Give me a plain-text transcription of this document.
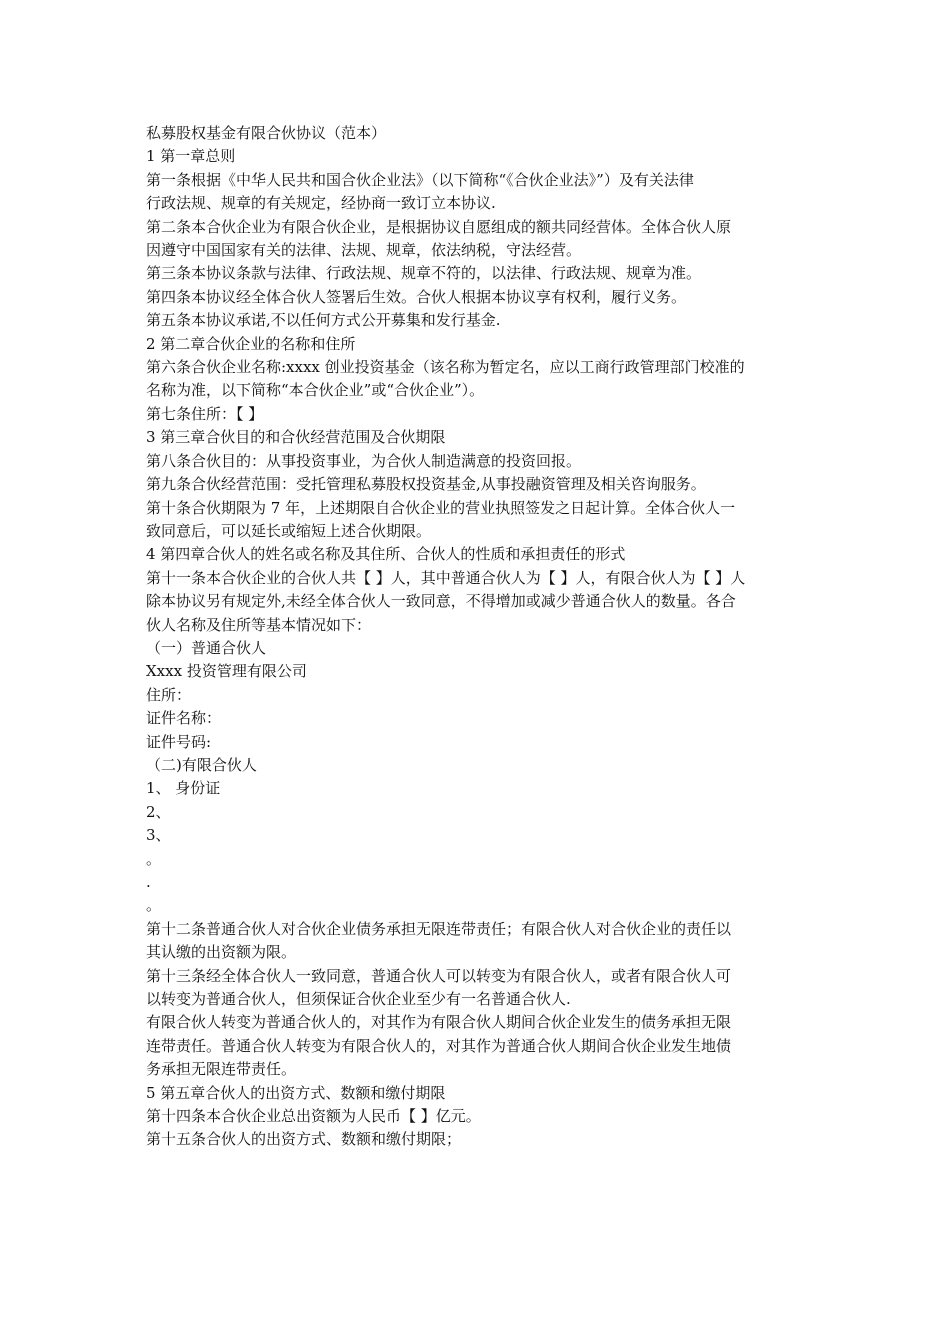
私募股权基金有限合伙协议（范本）
1 第一章总则
第一条根据《中华人民共和国合伙企业法》（以下简称“《合伙企业法》”）及有关法律
行政法规、规章的有关规定，经协商一致订立本协议.
第二条本合伙企业为有限合伙企业，是根据协议自愿组成的额共同经营体。全体合伙人原
因遵守中国国家有关的法律、法规、规章，依法纳税，守法经营。
第三条本协议条款与法律、行政法规、规章不符的，以法律、行政法规、规章为准。
第四条本协议经全体合伙人签署后生效。合伙人根据本协议享有权利，履行义务。
第五条本协议承诺,不以任何方式公开募集和发行基金.
2 第二章合伙企业的名称和住所
第六条合伙企业名称:xxxx 创业投资基金（该名称为暂定名，应以工商行政管理部门校准的
名称为准，以下简称“本合伙企业”或“合伙企业”）。
第七条住所：【 】
3 第三章合伙目的和合伙经营范围及合伙期限
第八条合伙目的：从事投资事业，为合伙人制造满意的投资回报。
第九条合伙经营范围：受托管理私募股权投资基金,从事投融资管理及相关咨询服务。
第十条合伙期限为 7 年，上述期限自合伙企业的营业执照签发之日起计算。全体合伙人一
致同意后，可以延长或缩短上述合伙期限。
4 第四章合伙人的姓名或名称及其住所、合伙人的性质和承担责任的形式
第十一条本合伙企业的合伙人共【 】人，其中普通合伙人为【 】人，有限合伙人为【 】人
除本协议另有规定外,未经全体合伙人一致同意，不得增加或减少普通合伙人的数量。各合
伙人名称及住所等基本情况如下：
（一）普通合伙人
Xxxx 投资管理有限公司
住所：
证件名称：
证件号码:
（二)有限合伙人
1、 身份证
2、
3、
。
.
。
第十二条普通合伙人对合伙企业债务承担无限连带责任；有限合伙人对合伙企业的责任以
其认缴的出资额为限。
第十三条经全体合伙人一致同意，普通合伙人可以转变为有限合伙人，或者有限合伙人可
以转变为普通合伙人，但须保证合伙企业至少有一名普通合伙人.
有限合伙人转变为普通合伙人的，对其作为有限合伙人期间合伙企业发生的债务承担无限
连带责任。普通合伙人转变为有限合伙人的，对其作为普通合伙人期间合伙企业发生地债
务承担无限连带责任。
5 第五章合伙人的出资方式、数额和缴付期限
第十四条本合伙企业总出资额为人民币【 】亿元。
第十五条合伙人的出资方式、数额和缴付期限；
